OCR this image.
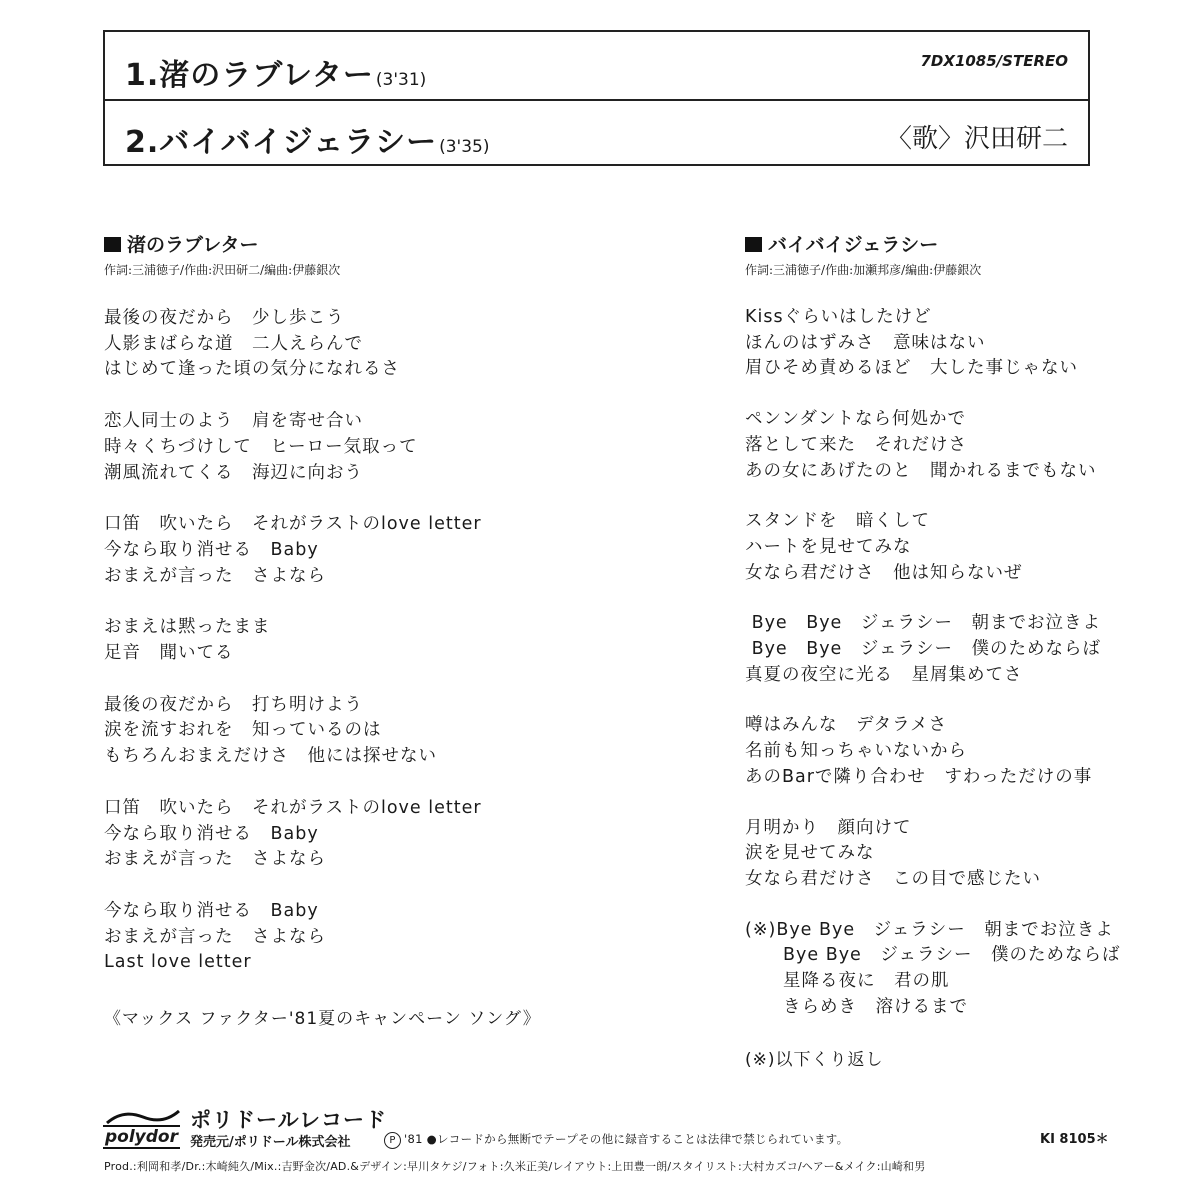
1.渚のラブレター (3'31)
7DX1085/STEREO
2.バイバイジェラシー (3'35)	〈歌〉沢田研二
渚のラブレター
作詞:三浦徳子/作曲:沢田研二/編曲:伊藤銀次
最後の夜だから　少し歩こう
人影まばらな道　二人えらんで
はじめて逢った頃の気分になれるさ
恋人同士のよう　肩を寄せ合い
時々くちづけして　ヒーロー気取って
潮風流れてくる　海辺に向おう
口笛　吹いたら　それがラストのlove letter
今なら取り消せる　Baby
おまえが言った　さよなら
おまえは黙ったまま
足音　聞いてる
最後の夜だから　打ち明けよう
涙を流すおれを　知っているのは
もちろんおまえだけさ　他には探せない
口笛　吹いたら　それがラストのlove letter
今なら取り消せる　Baby
おまえが言った　さよなら
今なら取り消せる　Baby
おまえが言った　さよなら
Last love letter
《マックス ファクター'81夏のキャンペーン ソング》
バイバイジェラシー
作詞:三浦徳子/作曲:加瀬邦彦/編曲:伊藤銀次
Kissぐらいはしたけど
ほんのはずみさ　意味はない
眉ひそめ責めるほど　大した事じゃない
ペンンダントなら何処かで
落として来た　それだけさ
あの女にあげたのと　聞かれるまでもない
スタンドを　暗くして
ハートを見せてみな
女なら君だけさ　他は知らないぜ
Bye　Bye　ジェラシー　朝までお泣きよ
Bye　Bye　ジェラシー　僕のためならば
真夏の夜空に光る　星屑集めてさ
噂はみんな　デタラメさ
名前も知っちゃいないから
あのBarで隣り合わせ　すわっただけの事
月明かり　顔向けて
涙を見せてみな
女なら君だけさ　この目で感じたい
(※)Bye Bye　ジェラシー　朝までお泣きよ
Bye Bye　ジェラシー　僕のためならば
星降る夜に　君の肌
きらめき　溶けるまで
(※)以下くり返し
polydor
ポリドールレコード
発売元/ポリドール株式会社	P '81 ●レコードから無断でテープその他に録音することは法律で禁じられています。	KI 8105＊
Prod.:利岡和孝/Dr.:木崎純久/Mix.:吉野金次/AD.&デザイン:早川タケジ/フォト:久米正美/レイアウト:上田豊一朗/スタイリスト:大村カズコ/ヘアー&メイク:山崎和男
